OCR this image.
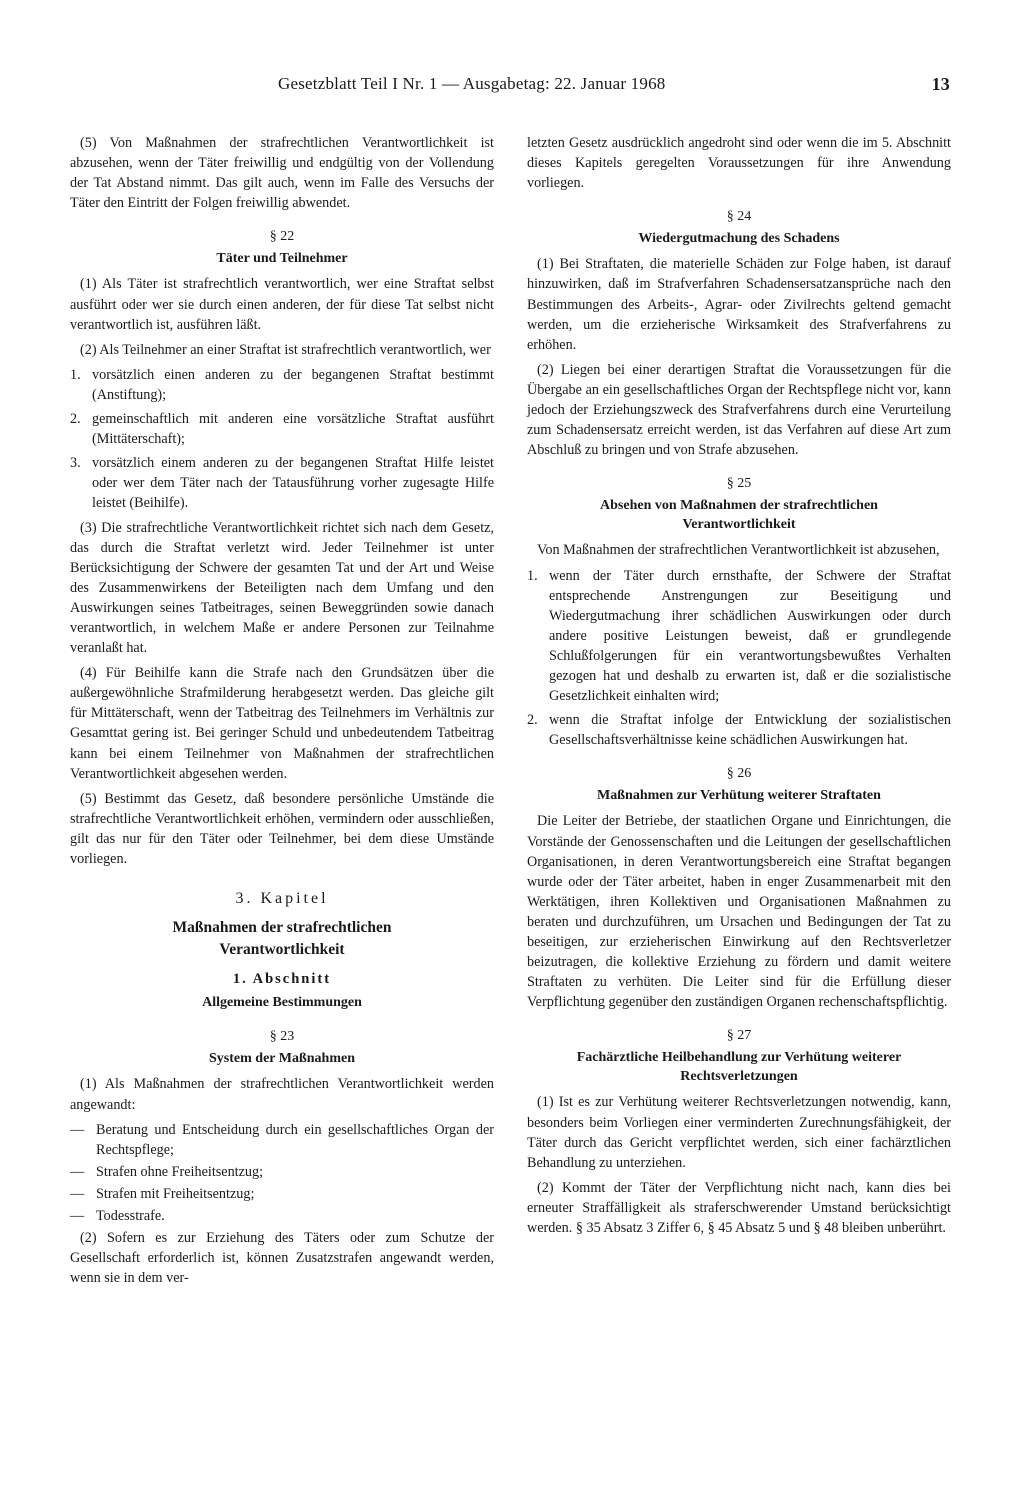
Gesetzblatt Teil I Nr. 1 — Ausgabetag: 22. Januar 1968	13

(5) Von Maßnahmen der strafrechtlichen Verantwortlichkeit ist abzusehen, wenn der Täter freiwillig und endgültig von der Vollendung der Tat Abstand nimmt. Das gilt auch, wenn im Falle des Versuchs der Täter den Eintritt der Folgen freiwillig abwendet.

§ 22
Täter und Teilnehmer

(1) Als Täter ist strafrechtlich verantwortlich, wer eine Straftat selbst ausführt oder wer sie durch einen anderen, der für diese Tat selbst nicht verantwortlich ist, ausführen läßt.

(2) Als Teilnehmer an einer Straftat ist strafrechtlich verantwortlich, wer

1. vorsätzlich einen anderen zu der begangenen Straftat bestimmt (Anstiftung);
2. gemeinschaftlich mit anderen eine vorsätzliche Straftat ausführt (Mittäterschaft);
3. vorsätzlich einem anderen zu der begangenen Straftat Hilfe leistet oder wer dem Täter nach der Tatausführung vorher zugesagte Hilfe leistet (Beihilfe).

(3) Die strafrechtliche Verantwortlichkeit richtet sich nach dem Gesetz, das durch die Straftat verletzt wird. Jeder Teilnehmer ist unter Berücksichtigung der Schwere der gesamten Tat und der Art und Weise des Zusammenwirkens der Beteiligten nach dem Umfang und den Auswirkungen seines Tatbeitrages, seinen Beweggründen sowie danach verantwortlich, in welchem Maße er andere Personen zur Teilnahme veranlaßt hat.

(4) Für Beihilfe kann die Strafe nach den Grundsätzen über die außergewöhnliche Strafmilderung herabgesetzt werden. Das gleiche gilt für Mittäterschaft, wenn der Tatbeitrag des Teilnehmers im Verhältnis zur Gesamttat gering ist. Bei geringer Schuld und unbedeutendem Tatbeitrag kann bei einem Teilnehmer von Maßnahmen der strafrechtlichen Verantwortlichkeit abgesehen werden.

(5) Bestimmt das Gesetz, daß besondere persönliche Umstände die strafrechtliche Verantwortlichkeit erhöhen, vermindern oder ausschließen, gilt das nur für den Täter oder Teilnehmer, bei dem diese Umstände vorliegen.

3. Kapitel
Maßnahmen der strafrechtlichen
Verantwortlichkeit
1. Abschnitt
Allgemeine Bestimmungen
§ 23
System der Maßnahmen

(1) Als Maßnahmen der strafrechtlichen Verantwortlichkeit werden angewandt:

— Beratung und Entscheidung durch ein gesellschaftliches Organ der Rechtspflege;
— Strafen ohne Freiheitsentzug;
— Strafen mit Freiheitsentzug;
— Todesstrafe.

(2) Sofern es zur Erziehung des Täters oder zum Schutze der Gesellschaft erforderlich ist, können Zusatzstrafen angewandt werden, wenn sie in dem ver-

letzten Gesetz ausdrücklich angedroht sind oder wenn die im 5. Abschnitt dieses Kapitels geregelten Voraussetzungen für ihre Anwendung vorliegen.

§ 24
Wiedergutmachung des Schadens

(1) Bei Straftaten, die materielle Schäden zur Folge haben, ist darauf hinzuwirken, daß im Strafverfahren Schadensersatzansprüche nach den Bestimmungen des Arbeits-, Agrar- oder Zivilrechts geltend gemacht werden, um die erzieherische Wirksamkeit des Strafverfahrens zu erhöhen.

(2) Liegen bei einer derartigen Straftat die Voraussetzungen für die Übergabe an ein gesellschaftliches Organ der Rechtspflege nicht vor, kann jedoch der Erziehungszweck des Strafverfahrens durch eine Verurteilung zum Schadensersatz erreicht werden, ist das Verfahren auf diese Art zum Abschluß zu bringen und von Strafe abzusehen.

§ 25
Absehen von Maßnahmen der strafrechtlichen
Verantwortlichkeit

Von Maßnahmen der strafrechtlichen Verantwortlichkeit ist abzusehen,

1. wenn der Täter durch ernsthafte, der Schwere der Straftat entsprechende Anstrengungen zur Beseitigung und Wiedergutmachung ihrer schädlichen Auswirkungen oder durch andere positive Leistungen beweist, daß er grundlegende Schlußfolgerungen für ein verantwortungsbewußtes Verhalten gezogen hat und deshalb zu erwarten ist, daß er die sozialistische Gesetzlichkeit einhalten wird;
2. wenn die Straftat infolge der Entwicklung der sozialistischen Gesellschaftsverhältnisse keine schädlichen Auswirkungen hat.
§ 26
Maßnahmen zur Verhütung weiterer Straftaten

Die Leiter der Betriebe, der staatlichen Organe und Einrichtungen, die Vorstände der Genossenschaften und die Leitungen der gesellschaftlichen Organisationen, in deren Verantwortungsbereich eine Straftat begangen wurde oder der Täter arbeitet, haben in enger Zusammenarbeit mit den Werktätigen, ihren Kollektiven und Organisationen Maßnahmen zu beraten und durchzuführen, um Ursachen und Bedingungen der Tat zu beseitigen, zur erzieherischen Einwirkung auf den Rechtsverletzer beizutragen, die kollektive Erziehung zu fördern und damit weitere Straftaten zu verhüten. Die Leiter sind für die Erfüllung dieser Verpflichtung gegenüber den zuständigen Organen rechenschaftspflichtig.

§ 27
Fachärztliche Heilbehandlung zur Verhütung weiterer
Rechtsverletzungen

(1) Ist es zur Verhütung weiterer Rechtsverletzungen notwendig, kann, besonders beim Vorliegen einer verminderten Zurechnungsfähigkeit, der Täter durch das Gericht verpflichtet werden, sich einer fachärztlichen Behandlung zu unterziehen.

(2) Kommt der Täter der Verpflichtung nicht nach, kann dies bei erneuter Straffälligkeit als straferschwerender Umstand berücksichtigt werden. § 35 Absatz 3 Ziffer 6, § 45 Absatz 5 und § 48 bleiben unberührt.
